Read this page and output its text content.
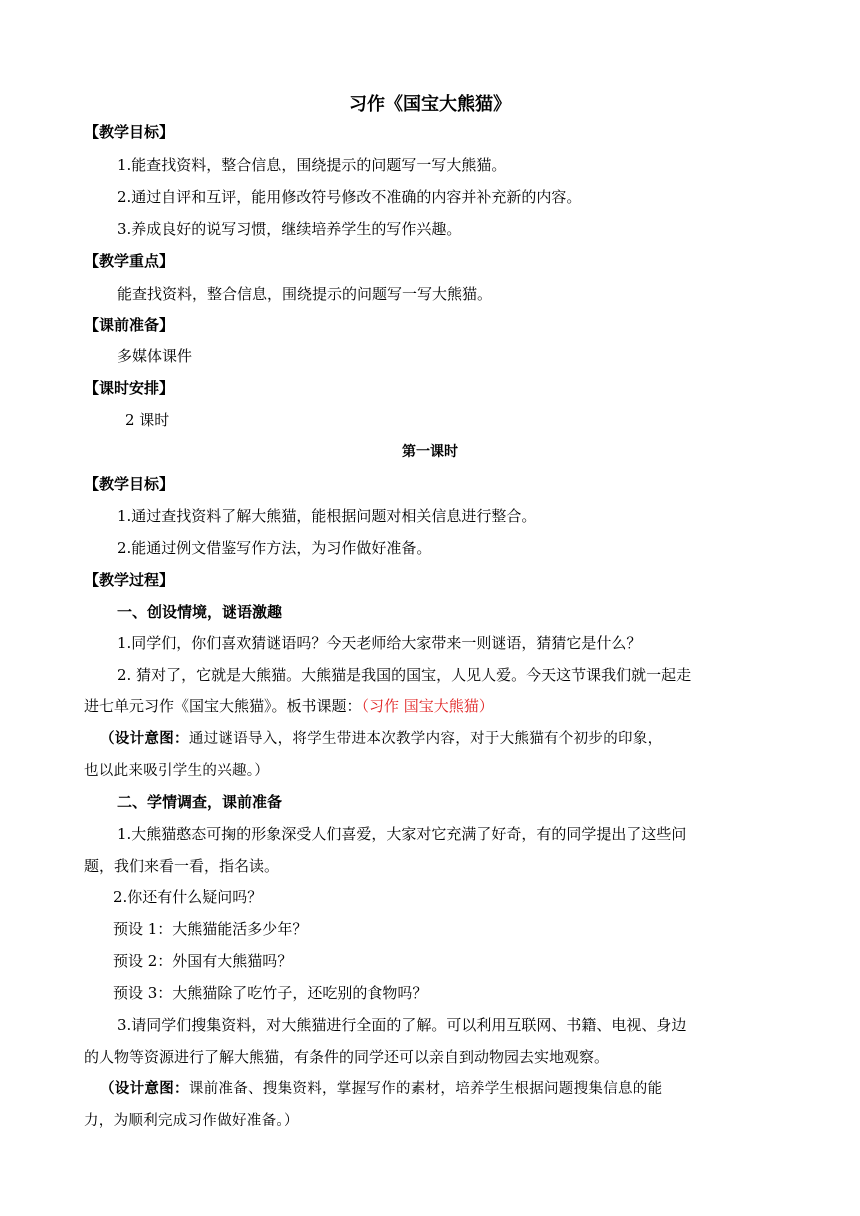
习作《国宝大熊猫》
【教学目标】
1.能查找资料，整合信息，围绕提示的问题写一写大熊猫。
2.通过自评和互评，能用修改符号修改不准确的内容并补充新的内容。
3.养成良好的说写习惯，继续培养学生的写作兴趣。
【教学重点】
能查找资料，整合信息，围绕提示的问题写一写大熊猫。
【课前准备】
多媒体课件
【课时安排】
2 课时
第一课时
【教学目标】
1.通过查找资料了解大熊猫，能根据问题对相关信息进行整合。
2.能通过例文借鉴写作方法，为习作做好准备。
【教学过程】
一、创设情境，谜语激趣
1.同学们，你们喜欢猜谜语吗？今天老师给大家带来一则谜语，猜猜它是什么？
2. 猜对了，它就是大熊猫。大熊猫是我国的国宝，人见人爱。今天这节课我们就一起走
进七单元习作《国宝大熊猫》。板书课题：（习作 国宝大熊猫）
（设计意图：通过谜语导入，将学生带进本次教学内容，对于大熊猫有个初步的印象，
也以此来吸引学生的兴趣。）
二、学情调查，课前准备
1.大熊猫憨态可掬的形象深受人们喜爱，大家对它充满了好奇，有的同学提出了这些问
题，我们来看一看，指名读。
2.你还有什么疑问吗？
预设 1：大熊猫能活多少年？
预设 2：外国有大熊猫吗？
预设 3：大熊猫除了吃竹子，还吃别的食物吗？
3.请同学们搜集资料，对大熊猫进行全面的了解。可以利用互联网、书籍、电视、身边
的人物等资源进行了解大熊猫，有条件的同学还可以亲自到动物园去实地观察。
（设计意图：课前准备、搜集资料，掌握写作的素材，培养学生根据问题搜集信息的能
力，为顺利完成习作做好准备。）
